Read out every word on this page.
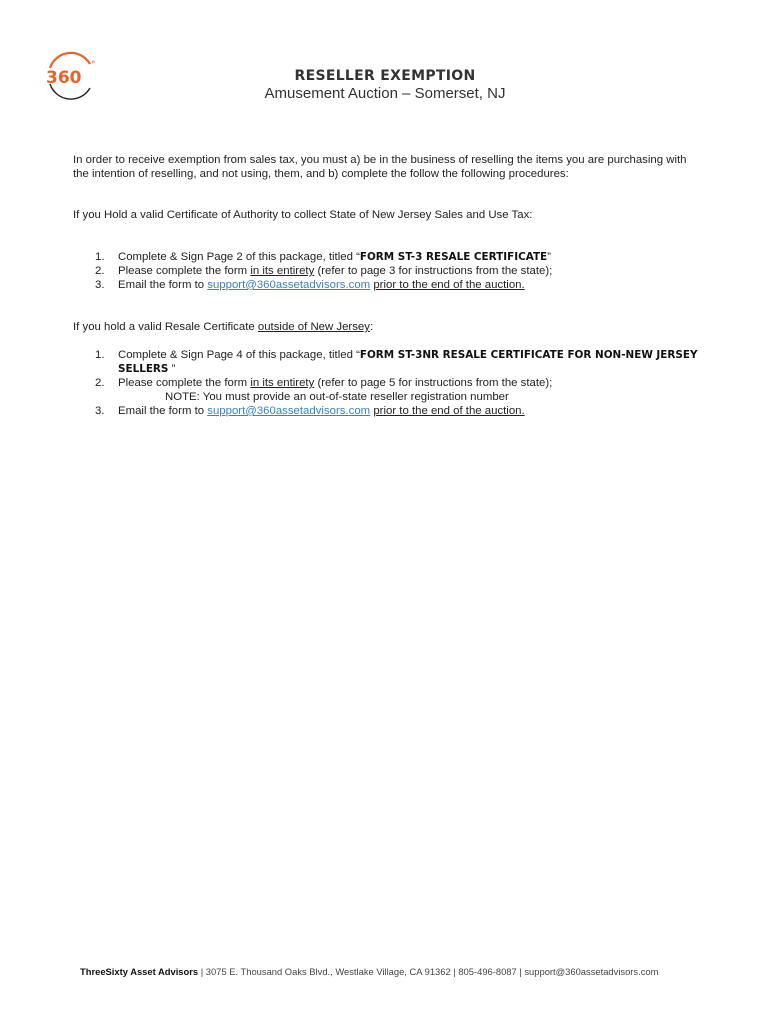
360
°
RESELLER EXEMPTION
Amusement Auction – Somerset, NJ
In order to receive exemption from sales tax, you must a) be in the business of reselling the items you are purchasing with the intention of reselling, and not using, them, and b) complete the follow the following procedures:
If you Hold a valid Certificate of Authority to collect State of New Jersey Sales and Use Tax:
1. Complete & Sign Page 2 of this package, titled “FORM ST-3 RESALE CERTIFICATE”
2. Please complete the form in its entirety (refer to page 3 for instructions from the state);
3. Email the form to support@360assetadvisors.com prior to the end of the auction.
If you hold a valid Resale Certificate outside of New Jersey:
1. Complete & Sign Page 4 of this package, titled “FORM ST-3NR RESALE CERTIFICATE FOR NON-NEW JERSEY SELLERS ”
2. Please complete the form in its entirety (refer to page 5 for instructions from the state);
NOTE: You must provide an out-of-state reseller registration number
3. Email the form to support@360assetadvisors.com prior to the end of the auction.
ThreeSixty Asset Advisors | 3075 E. Thousand Oaks Blvd., Westlake Village, CA 91362 | 805-496-8087 | support@360assetadvisors.com
